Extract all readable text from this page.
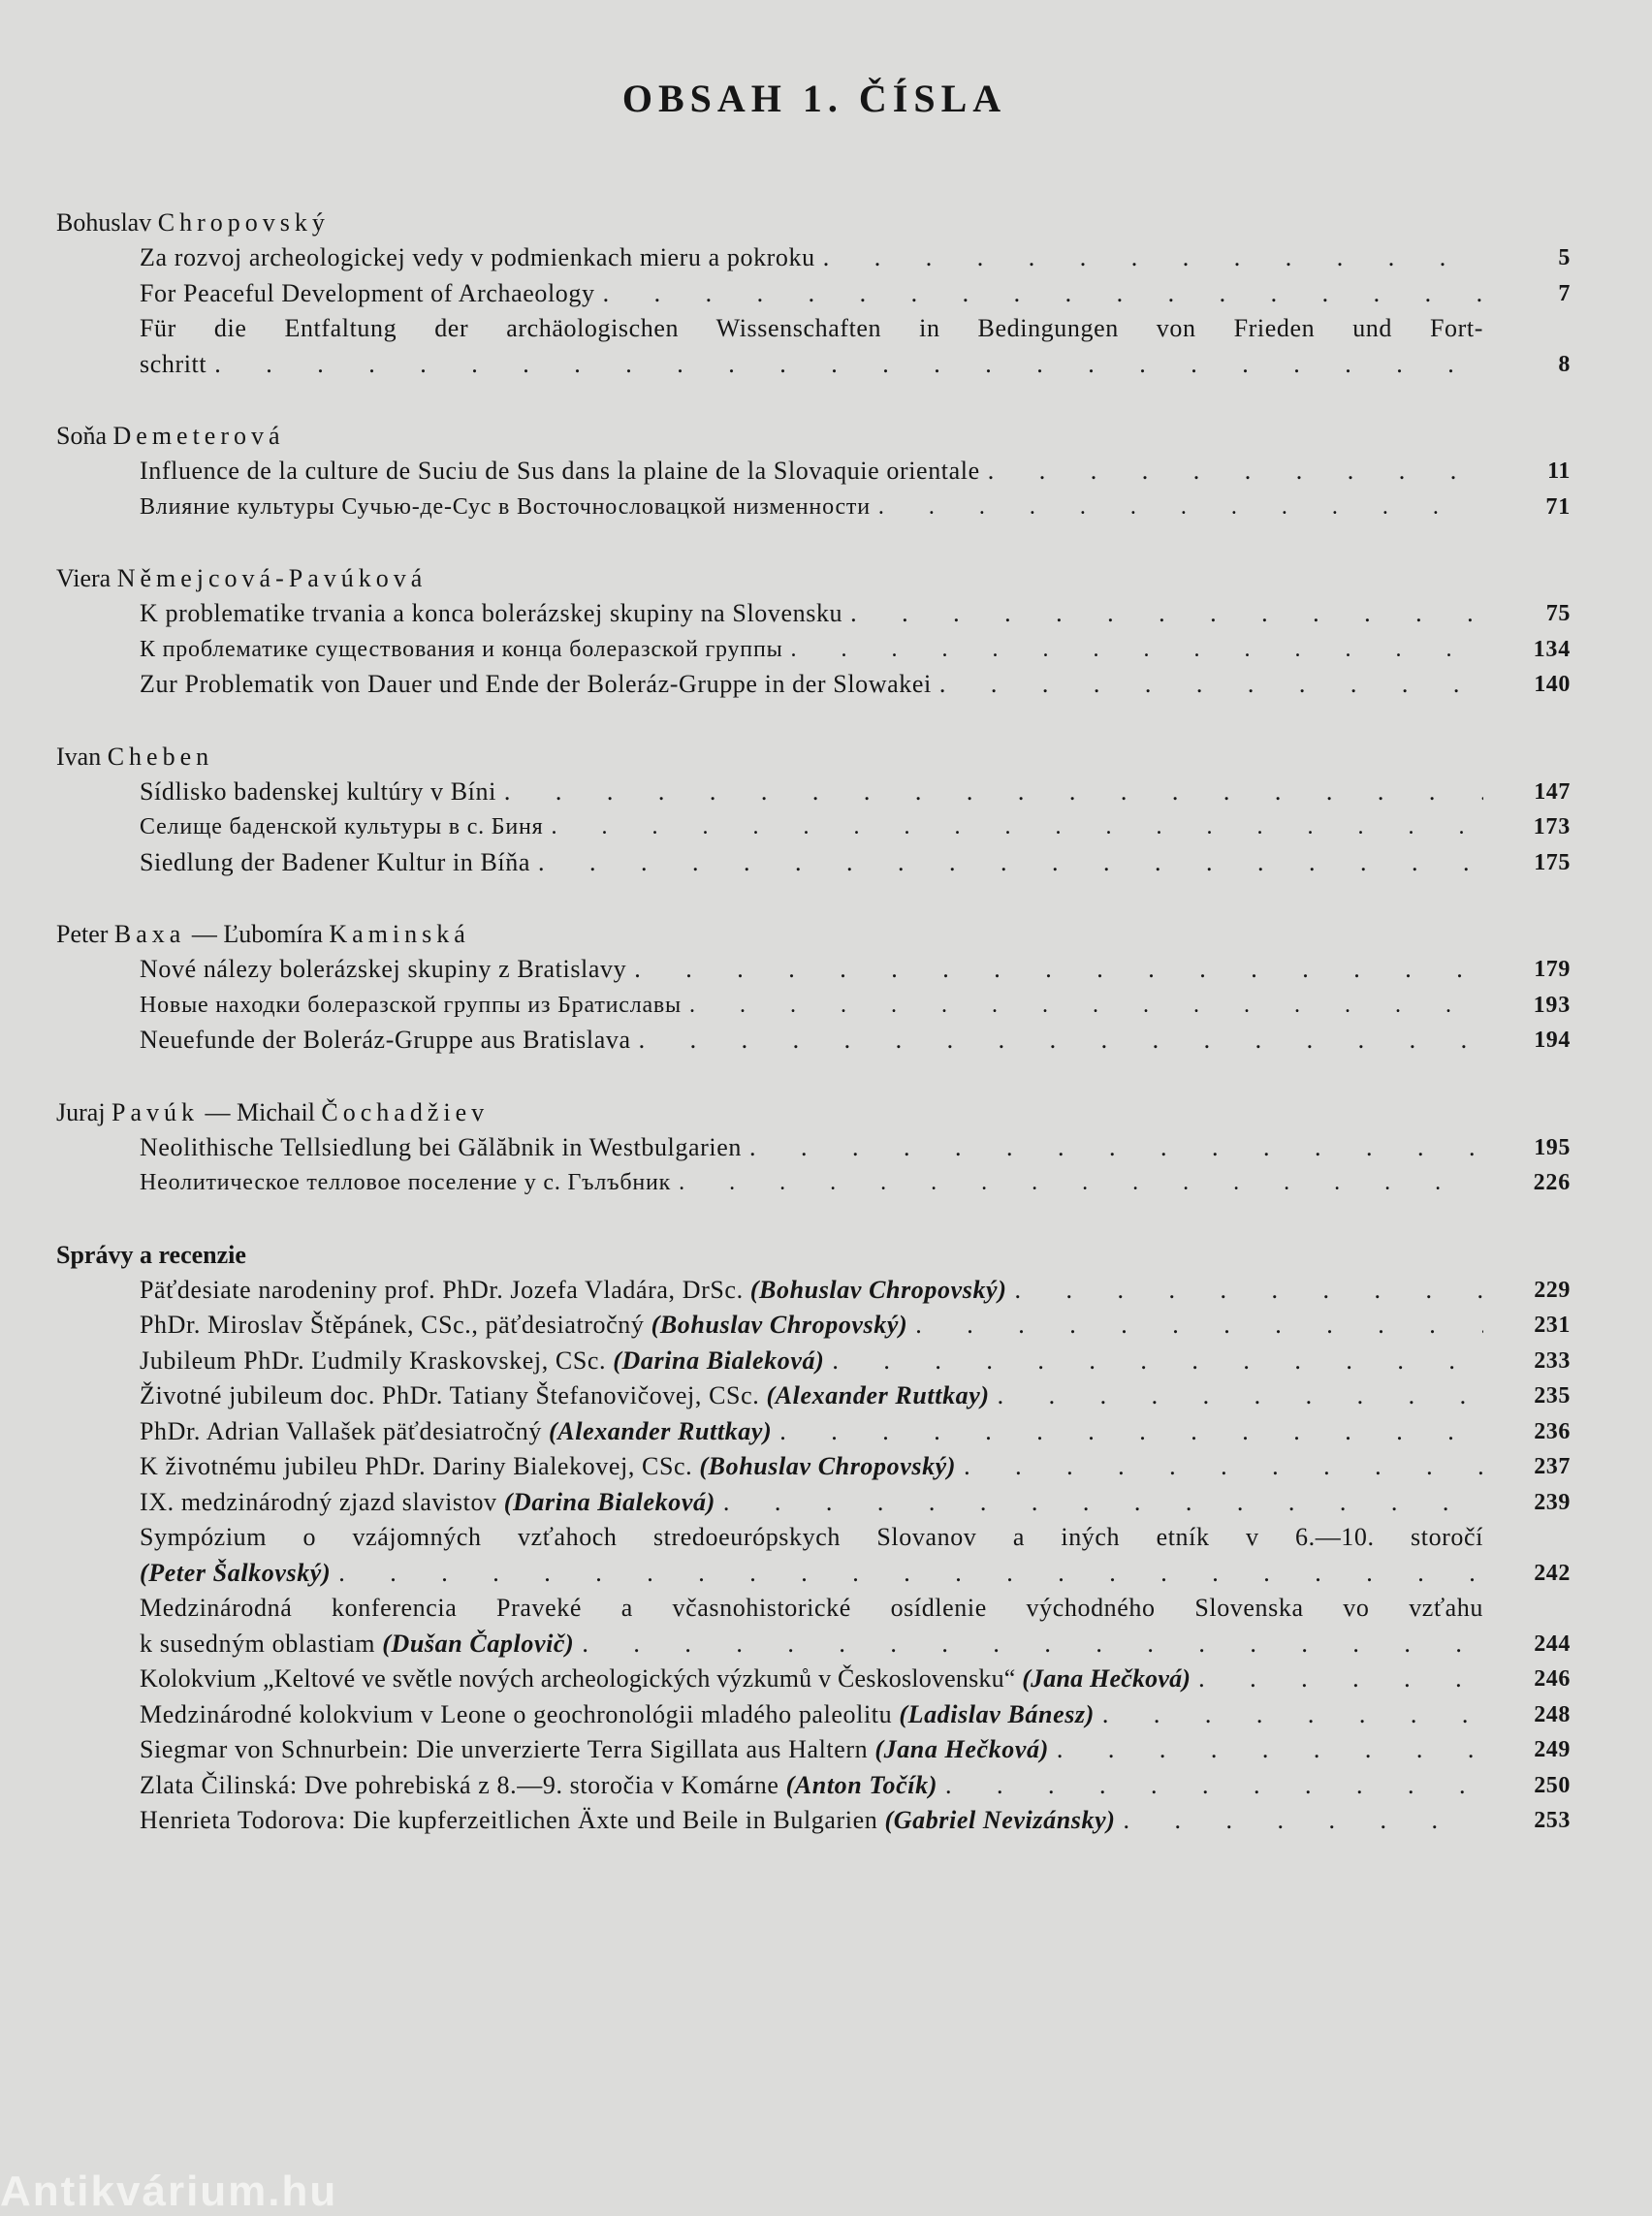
OBSAH 1. ČÍSLA
Bohuslav Chropovský
Za rozvoj archeologickej vedy v podmienkach mieru a pokroku . . .	5
For Peaceful Development of Archaeology . . .	7
Für die Entfaltung der archäologischen Wissenschaften in Bedingungen von Frieden und Fort-
schritt . . .	8
Soňa Demeterová
Influence de la culture de Suciu de Sus dans la plaine de la Slovaquie orientale . . .	11
Влияние культуры Сучью-де-Сус в Восточнословацкой низменности . . .	71
Viera Němejcová-Pavúková
K problematike trvania a konca bolerázskej skupiny na Slovensku . . .	75
К проблематике существования и конца болеразской группы . . .	134
Zur Problematik von Dauer und Ende der Boleráz-Gruppe in der Slowakei . . .	140
Ivan Cheben
Sídlisko badenskej kultúry v Bíni . . .	147
Селище баденской культуры в с. Биня . . .	173
Siedlung der Badener Kultur in Bíňa . . .	175
Peter Baxa — Ľubomíra Kaminská
Nové nálezy bolerázskej skupiny z Bratislavy . . .	179
Новые находки болеразской группы из Братиславы . . .	193
Neuefunde der Boleráz-Gruppe aus Bratislava . . .	194
Juraj Pavúk — Michail Čochadžiev
Neolithische Tellsiedlung bei Gălăbnik in Westbulgarien . . .	195
Неолитическое телловое поселение у с. Гълъбник . . .	226
Správy a recenzie
Päťdesiate narodeniny prof. PhDr. Jozefa Vladára, DrSc. (Bohuslav Chropovský) . . .	229
PhDr. Miroslav Štěpánek, CSc., päťdesiatročný (Bohuslav Chropovský) . . .	231
Jubileum PhDr. Ľudmily Kraskovskej, CSc. (Darina Bialeková) . . .	233
Životné jubileum doc. PhDr. Tatiany Štefanovičovej, CSc. (Alexander Ruttkay) . . .	235
PhDr. Adrian Vallašek päťdesiatročný (Alexander Ruttkay) . . .	236
K životnému jubileu PhDr. Dariny Bialekovej, CSc. (Bohuslav Chropovský) . . .	237
IX. medzinárodný zjazd slavistov (Darina Bialeková) . . .	239
Sympózium o vzájomných vzťahoch stredoeurópskych Slovanov a iných etník v 6.—10. storočí
(Peter Šalkovský) . . .	242
Medzinárodná konferencia Praveké a včasnohistorické osídlenie východného Slovenska vo vzťahu
k susedným oblastiam (Dušan Čaplovič) . . .	244
Kolokvium „Keltové ve světle nových archeologických výzkumů v Československu“ (Jana Hečková) . . .	246
Medzinárodné kolokvium v Leone o geochronológii mladého paleolitu (Ladislav Bánesz) . . .	248
Siegmar von Schnurbein: Die unverzierte Terra Sigillata aus Haltern (Jana Hečková) . . .	249
Zlata Čilinská: Dve pohrebiská z 8.—9. storočia v Komárne (Anton Točík) . . .	250
Henrieta Todorova: Die kupferzeitlichen Äxte und Beile in Bulgarien (Gabriel Nevizánsky) . . .	253
Antikvárium.hu
